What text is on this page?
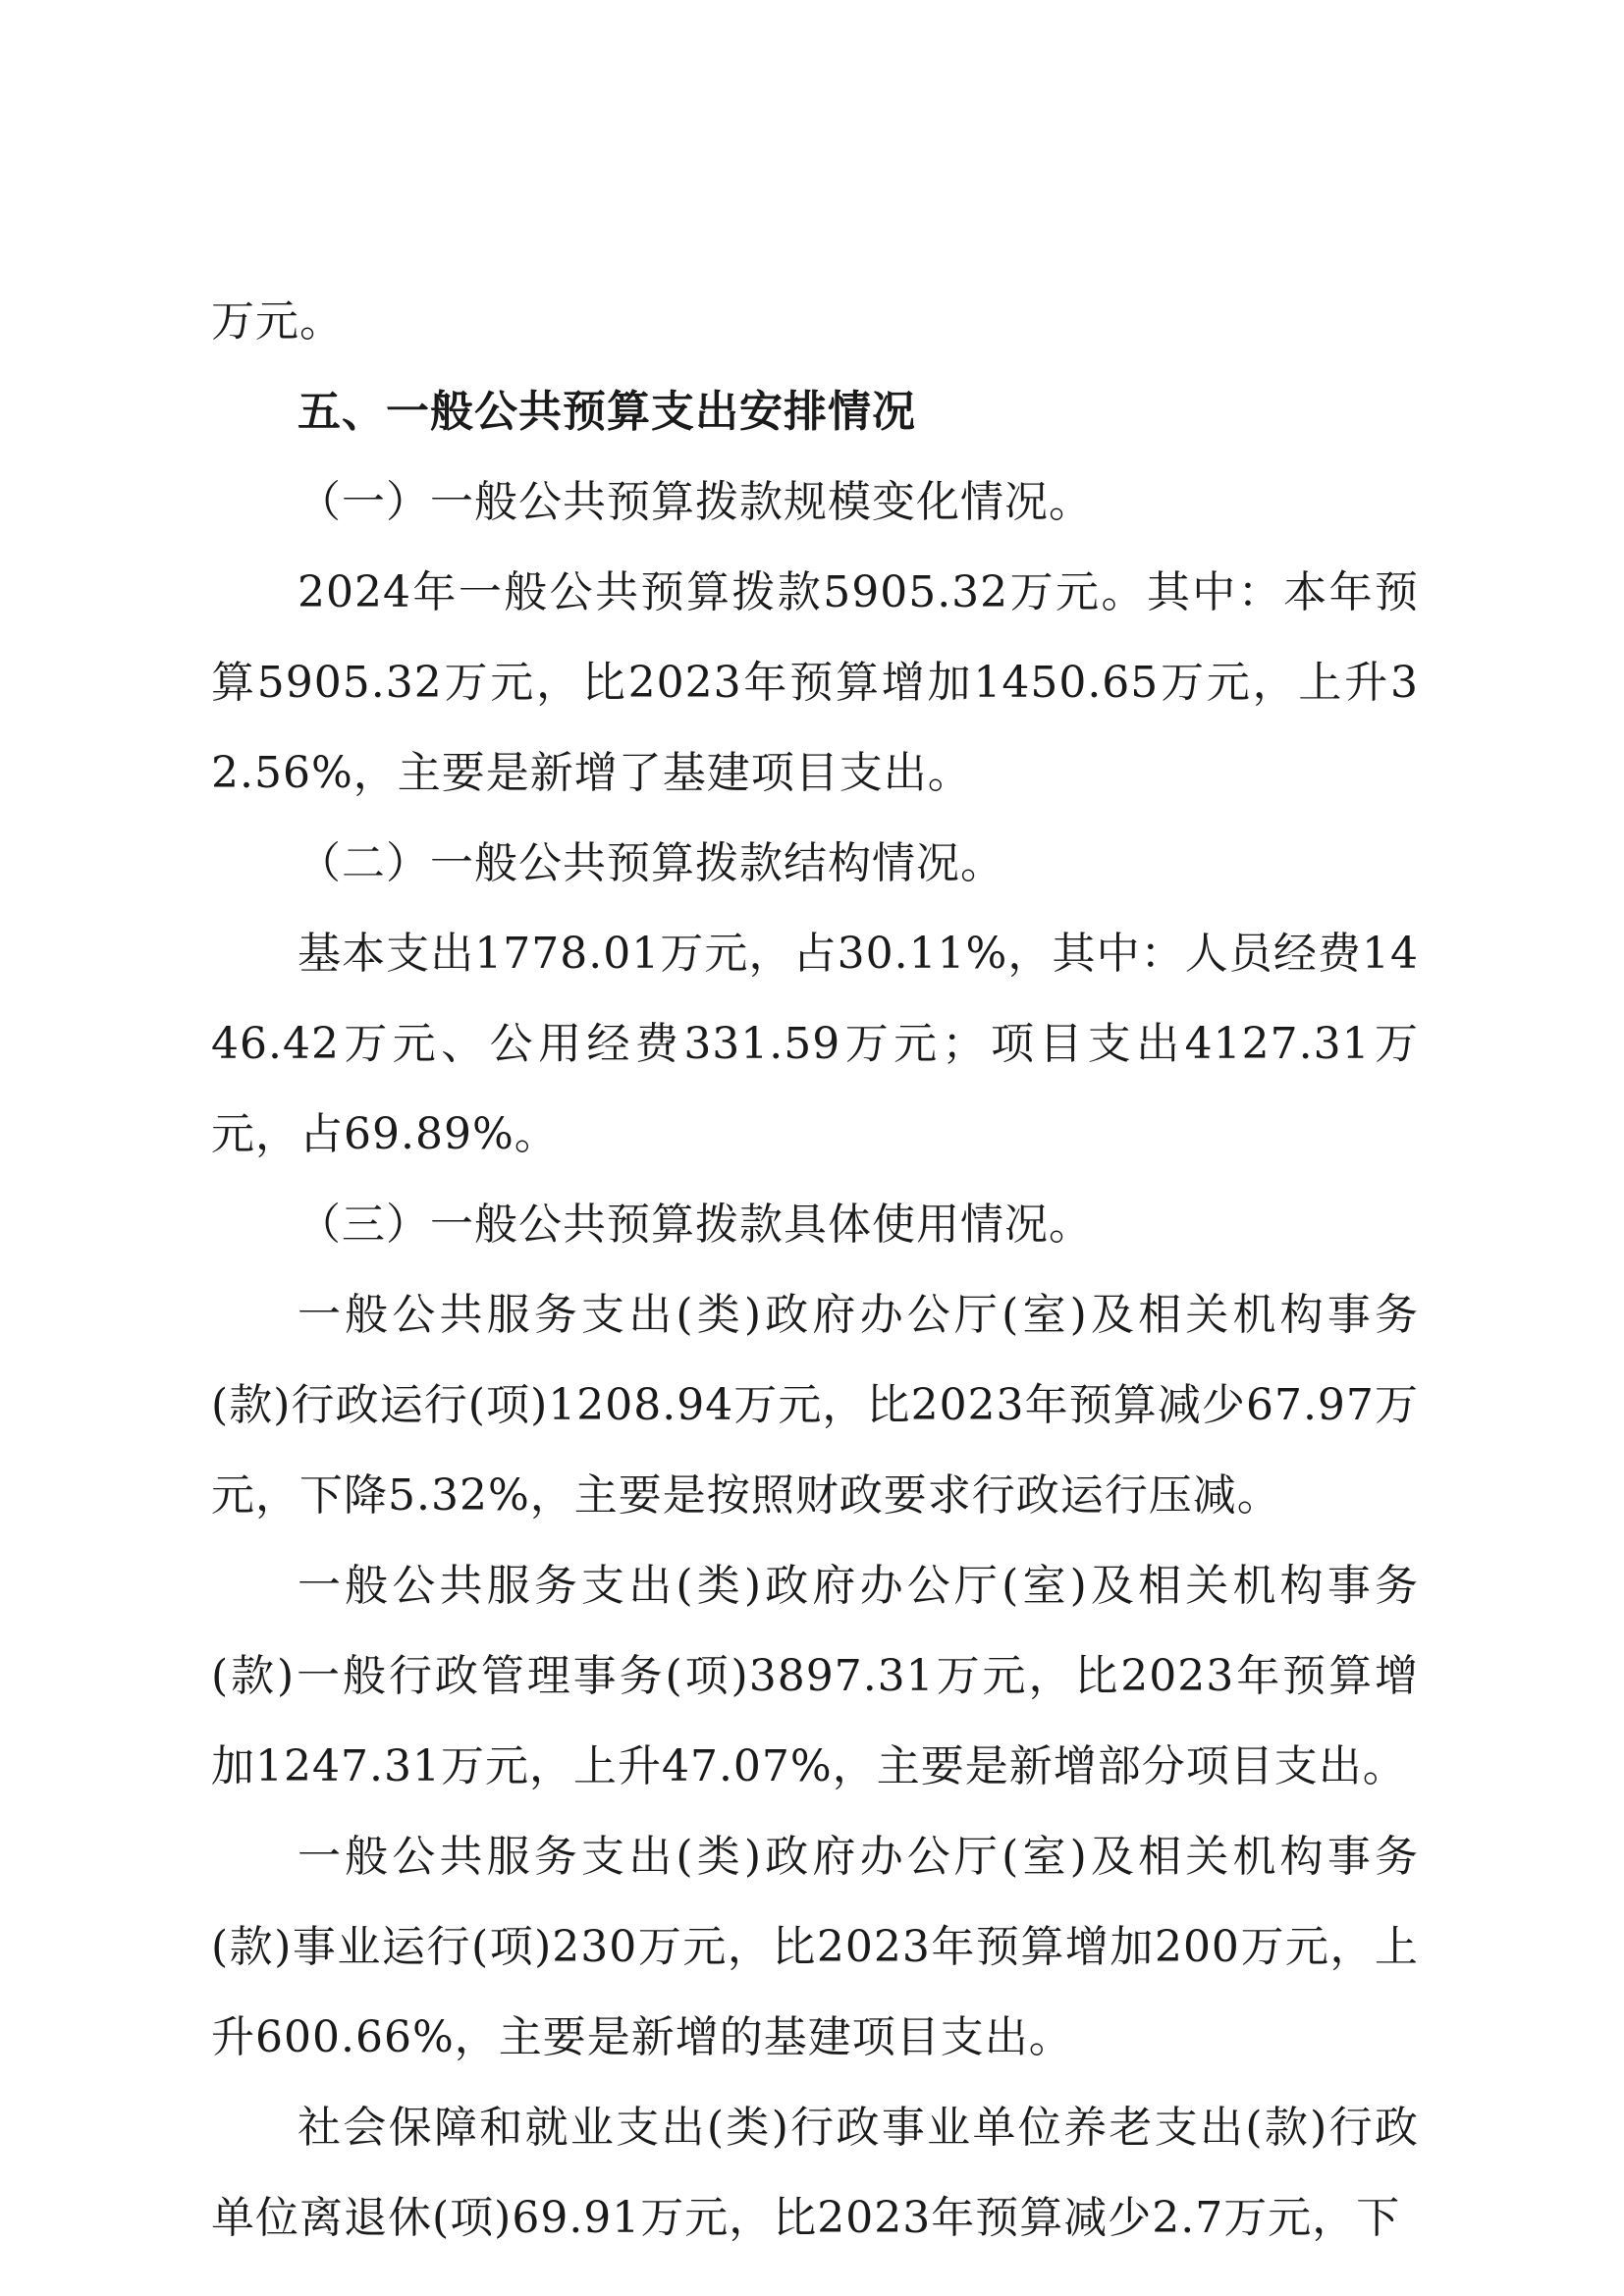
万元。

五、一般公共预算支出安排情况

（一）一般公共预算拨款规模变化情况。

2024年一般公共预算拨款5905.32万元。其中：本年预算5905.32万元，比2023年预算增加1450.65万元，上升32.56%，主要是新增了基建项目支出。

（二）一般公共预算拨款结构情况。

基本支出1778.01万元，占30.11%，其中：人员经费1446.42万元、公用经费331.59万元；项目支出4127.31万元，占69.89%。

（三）一般公共预算拨款具体使用情况。

一般公共服务支出(类)政府办公厅(室)及相关机构事务(款)行政运行(项)1208.94万元，比2023年预算减少67.97万元，下降5.32%，主要是按照财政要求行政运行压减。

一般公共服务支出(类)政府办公厅(室)及相关机构事务(款)一般行政管理事务(项)3897.31万元，比2023年预算增加1247.31万元，上升47.07%，主要是新增部分项目支出。

一般公共服务支出(类)政府办公厅(室)及相关机构事务(款)事业运行(项)230万元，比2023年预算增加200万元，上升600.66%，主要是新增的基建项目支出。

社会保障和就业支出(类)行政事业单位养老支出(款)行政单位离退休(项)69.91万元，比2023年预算减少2.7万元，下
